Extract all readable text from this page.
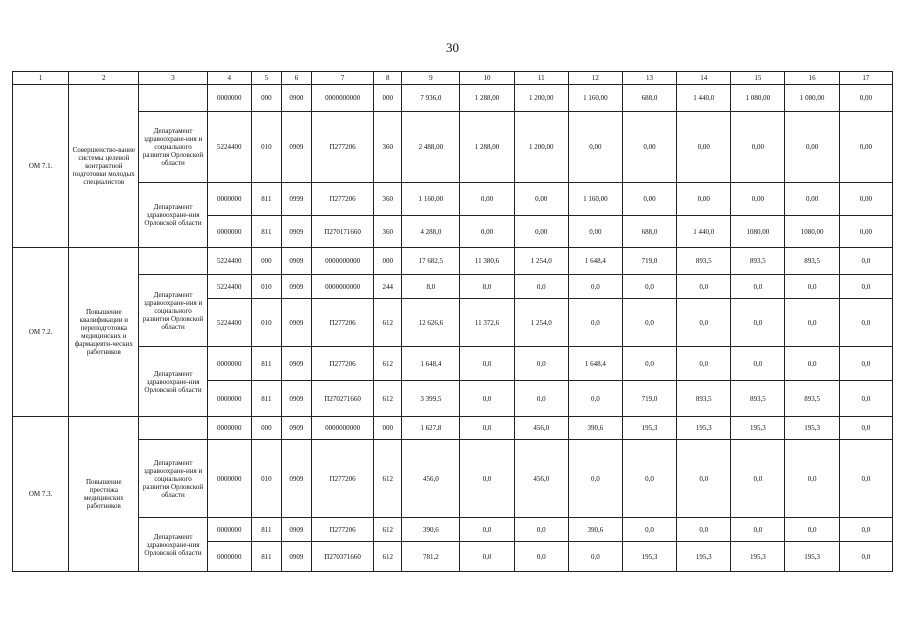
30
1	2	3	4	5	6	7	8	9	10	11	12	13	14	15	16	17
ОМ 7.1.	Совершенство-вание системы целевой контрактной подготовки молодых специалистов		0000000	000	0900	0000000000	000	7 936,0	1 288,00	1 200,00	1 160,00	688,0	1 440,0	1 080,00	1 080,00	0,00
		Департамент здравоохране-ния и социального развития Орловской области	5224400	010	0909	П277206	360	2 488,00	1 288,00	1 200,00	0,00	0,00	0,00	0,00	0,00	0,00
		Департамент здравоохране-ния Орловской области	0000000	811	0999	П277206	360	1 160,00	0,00	0,00	1 160,00	0,00	0,00	0,00	0,00	0,00
			0000000	811	0909	П270171660	360	4 288,0	0,00	0,00	0,00	688,0	1 440,0	1080,00	1080,00	0,00
ОМ 7.2.	Повышение квалификации и переподготовка медицинских и фармацевти-ческих работников		5224400	000	0909	0000000000	000	17 682,5	11 380,6	1 254,0	1 648,4	719,0	893,5	893,5	893,5	0,0
		Департамент здравоохране-ния и социального развития Орловской области	5224400	010	0909	0000000000	244	8,0	8,0	0,0	0,0	0,0	0,0	0,0	0,0	0,0
			5224400	010	0909	П277206	612	12 626,6	11 372,6	1 254,0	0,0	0,0	0,0	0,0	0,0	0,0
		Департамент здравоохране-ния Орловской области	0000000	811	0909	П277206	612	1 648,4	0,0	0,0	1 648,4	0,0	0,0	0,0	0,0	0,0
			0000000	811	0909	П270271660	612	3 399,5	0,0	0,0	0,0	719,0	893,5	893,5	893,5	0,0
ОМ 7.3.	Повышение престижа медицинских работников		0000000	000	0909	0000000000	000	1 627,8	0,0	456,0	390,6	195,3	195,3	195,3	195,3	0,0
		Департамент здравоохране-ния и социального развития Орловской области	0000000	010	0909	П277206	612	456,0	0,0	456,0	0,0	0,0	0,0	0,0	0,0	0,0
		Департамент здравоохране-ния Орловской области	0000000	811	0909	П277206	612	390,6	0,0	0,0	390,6	0,0	0,0	0,0	0,0	0,0
			0000000	811	0909	П270371660	612	781,2	0,0	0,0	0,0	195,3	195,3	195,3	195,3	0,0
